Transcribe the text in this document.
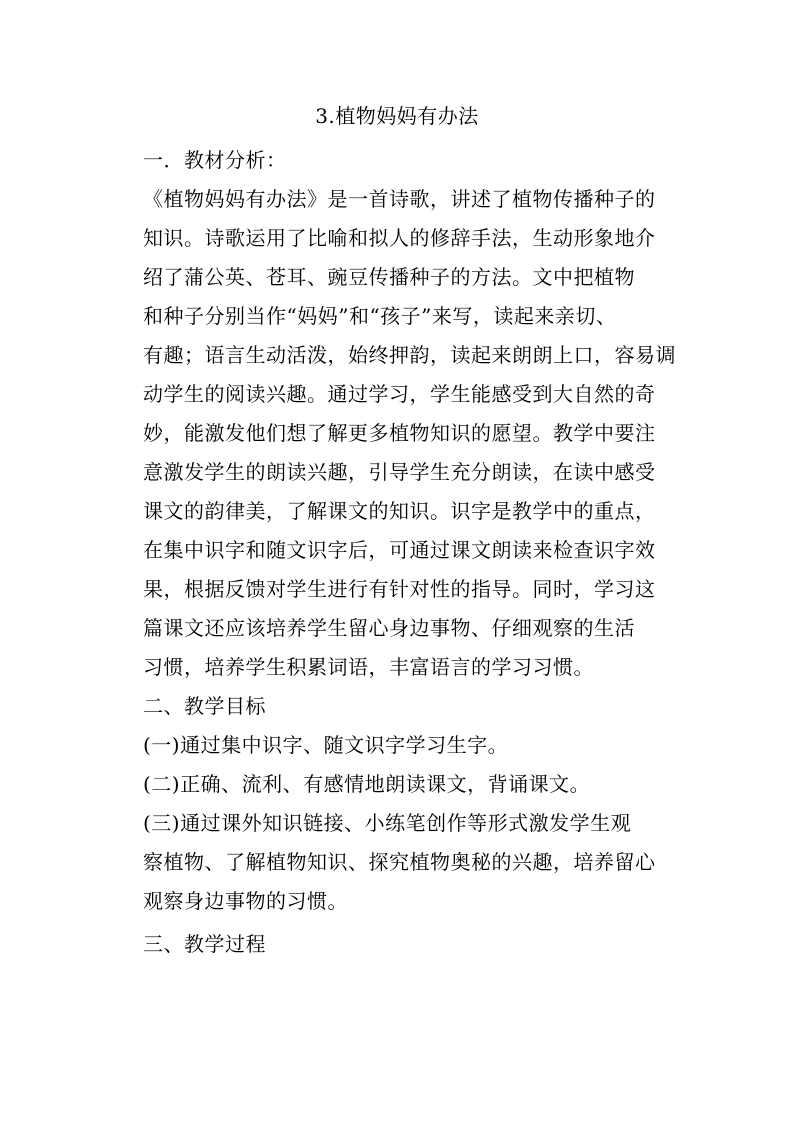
3.植物妈妈有办法
一．教材分析：
《植物妈妈有办法》是一首诗歌，讲述了植物传播种子的
知识。诗歌运用了比喻和拟人的修辞手法，生动形象地介
绍了蒲公英、苍耳、豌豆传播种子的方法。文中把植物
和种子分别当作“妈妈”和“孩子”来写，读起来亲切、
有趣；语言生动活泼，始终押韵，读起来朗朗上口，容易调
动学生的阅读兴趣。通过学习，学生能感受到大自然的奇
妙，能激发他们想了解更多植物知识的愿望。教学中要注
意激发学生的朗读兴趣，引导学生充分朗读，在读中感受
课文的韵律美，了解课文的知识。识字是教学中的重点，
在集中识字和随文识字后，可通过课文朗读来检查识字效
果，根据反馈对学生进行有针对性的指导。同时，学习这
篇课文还应该培养学生留心身边事物、仔细观察的生活
习惯，培养学生积累词语，丰富语言的学习习惯。
二、教学目标
(一)通过集中识字、随文识字学习生字。
(二)正确、流利、有感情地朗读课文，背诵课文。
(三)通过课外知识链接、小练笔创作等形式激发学生观
察植物、了解植物知识、探究植物奥秘的兴趣，培养留心
观察身边事物的习惯。
三、教学过程
